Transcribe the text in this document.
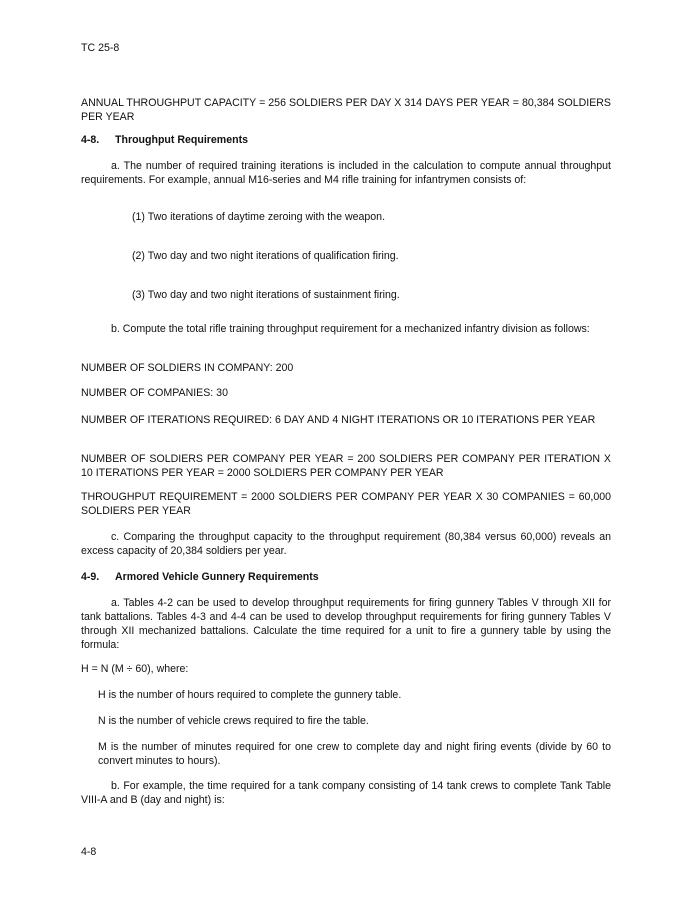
TC 25-8

ANNUAL THROUGHPUT CAPACITY = 256 SOLDIERS PER DAY X 314 DAYS PER YEAR = 80,384 SOLDIERS PER YEAR

4-8. Throughput Requirements

a. The number of required training iterations is included in the calculation to compute annual throughput requirements. For example, annual M16-series and M4 rifle training for infantrymen consists of:

(1) Two iterations of daytime zeroing with the weapon.

(2) Two day and two night iterations of qualification firing.

(3) Two day and two night iterations of sustainment firing.

b. Compute the total rifle training throughput requirement for a mechanized infantry division as follows:

NUMBER OF SOLDIERS IN COMPANY: 200

NUMBER OF COMPANIES: 30

NUMBER OF ITERATIONS REQUIRED: 6 DAY AND 4 NIGHT ITERATIONS OR 10 ITERATIONS PER YEAR

NUMBER OF SOLDIERS PER COMPANY PER YEAR = 200 SOLDIERS PER COMPANY PER ITERATION X 10 ITERATIONS PER YEAR = 2000 SOLDIERS PER COMPANY PER YEAR

THROUGHPUT REQUIREMENT = 2000 SOLDIERS PER COMPANY PER YEAR X 30 COMPANIES = 60,000 SOLDIERS PER YEAR

c. Comparing the throughput capacity to the throughput requirement (80,384 versus 60,000) reveals an excess capacity of 20,384 soldiers per year.

4-9. Armored Vehicle Gunnery Requirements

a. Tables 4-2 can be used to develop throughput requirements for firing gunnery Tables V through XII for tank battalions. Tables 4-3 and 4-4 can be used to develop throughput requirements for firing gunnery Tables V through XII mechanized battalions. Calculate the time required for a unit to fire a gunnery table by using the formula:

H = N (M ÷ 60), where:

H is the number of hours required to complete the gunnery table.

N is the number of vehicle crews required to fire the table.

M is the number of minutes required for one crew to complete day and night firing events (divide by 60 to convert minutes to hours).

b. For example, the time required for a tank company consisting of 14 tank crews to complete Tank Table VIII-A and B (day and night) is:

4-8
